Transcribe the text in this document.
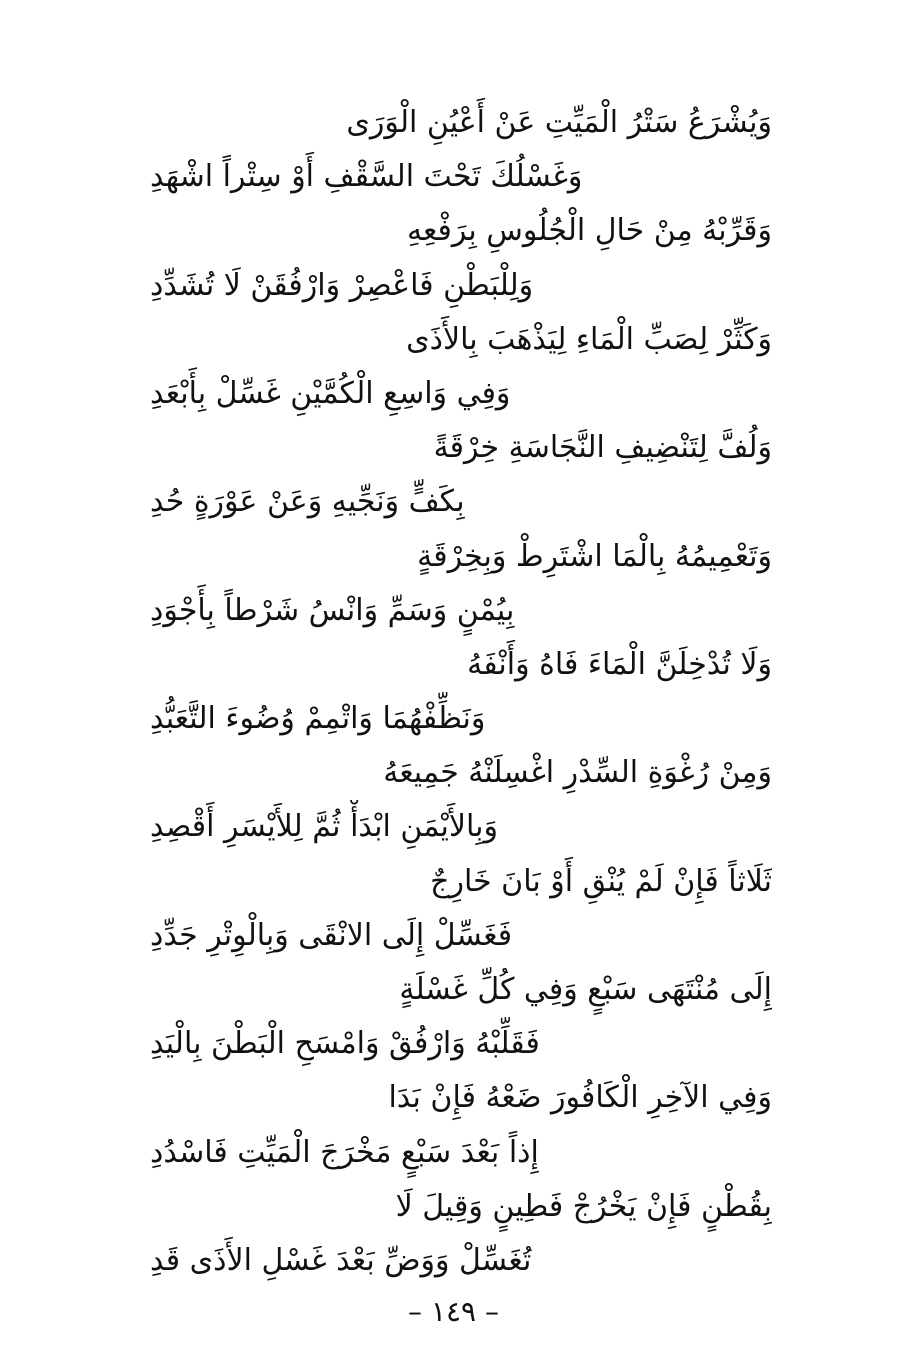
وَيُشْرَعُ سَتْرُ الْمَيِّتِ عَنْ أَعْيُنِ الْوَرَى
وَغَسْلُكَ تَحْتَ السَّقْفِ أَوْ سِتْراً اشْهَدِ
وَقَرِّبْهُ مِنْ حَالِ الْجُلُوسِ بِرَفْعِهِ
وَلِلْبَطْنِ فَاعْصِرْ وَارْفُقَنْ لَا تُشَدِّدِ
وَكَثِّرْ لِصَبِّ الْمَاءِ لِيَذْهَبَ بِالأَذَى
وَفِي وَاسِعِ الْكُمَّيْنِ غَسِّلْ بِأَبْعَدِ
وَلُفَّ لِتَنْضِيفِ النَّجَاسَةِ خِرْقَةً
بِكَفٍّ وَنَجِّيهِ وَعَنْ عَوْرَةٍ حُدِ
وَتَعْمِيمُهُ بِالْمَا اشْتَرِطْ وَبِخِرْقَةٍ
بِيُمْنٍ وَسَمِّ وَانْسُ شَرْطاً بِأَجْوَدِ
وَلَا تُدْخِلَنَّ الْمَاءَ فَاهُ وَأَنْفَهُ
وَنَظِّفْهُمَا وَاتْمِمْ وُضُوءَ التَّعَبُّدِ
وَمِنْ رُغْوَةِ السِّدْرِ اغْسِلَنْهُ جَمِيعَهُ
وَبِالأَيْمَنِ ابْدَأْ ثُمَّ لِلأَيْسَرِ أَقْصِدِ
ثَلَاثاً فَإِنْ لَمْ يُنْقِ أَوْ بَانَ خَارِجٌ
فَغَسِّلْ إِلَى الانْقَى وَبِالْوِتْرِ جَدِّدِ
إِلَى مُنْتَهَى سَبْعٍ وَفِي كُلِّ غَسْلَةٍ
فَقَلِّبْهُ وَارْفُقْ وَامْسَحِ الْبَطْنَ بِالْيَدِ
وَفِي الآخِرِ الْكَافُورَ ضَعْهُ فَإِنْ بَدَا
إِذاً بَعْدَ سَبْعٍ مَخْرَجَ الْمَيِّتِ فَاسْدُدِ
بِقُطْنٍ فَإِنْ يَخْرُجْ فَطِينٍ وَقِيلَ لَا
تُغَسِّلْ وَوَضِّ بَعْدَ غَسْلِ الأَذَى قَدِ
– ١٤٩ –
